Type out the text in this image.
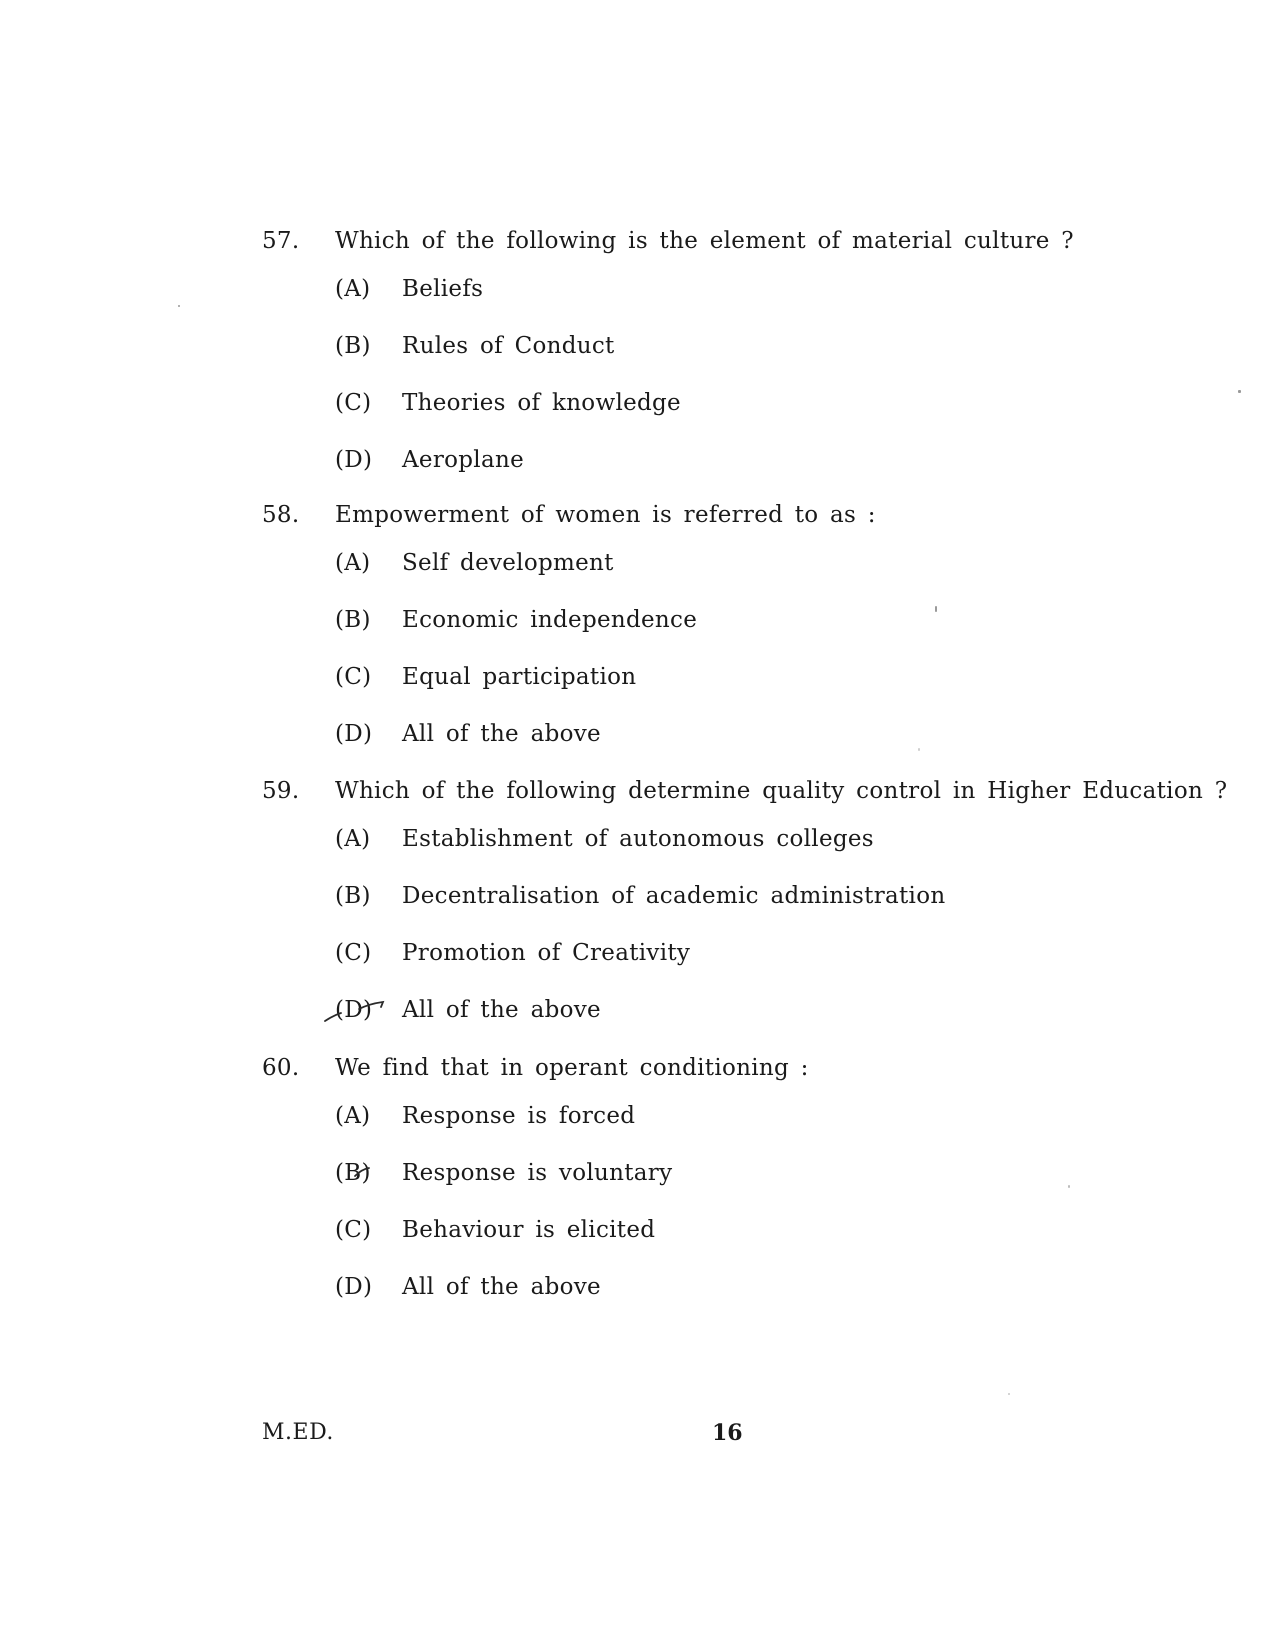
57.	Which of the following is the element of material culture ?
(A)	Beliefs
(B)	Rules of Conduct
(C)	Theories of knowledge
(D)	Aeroplane
58.	Empowerment of women is referred to as :
(A)	Self development
(B)	Economic independence
(C)	Equal participation
(D)	All of the above
59.	Which of the following determine quality control in Higher Education ?
(A)	Establishment of autonomous colleges
(B)	Decentralisation of academic administration
(C)	Promotion of Creativity
(D)	All of the above
60.	We find that in operant conditioning :
(A)	Response is forced
(B)	Response is voluntary
(C)	Behaviour is elicited
(D)	All of the above
M.ED.	16
